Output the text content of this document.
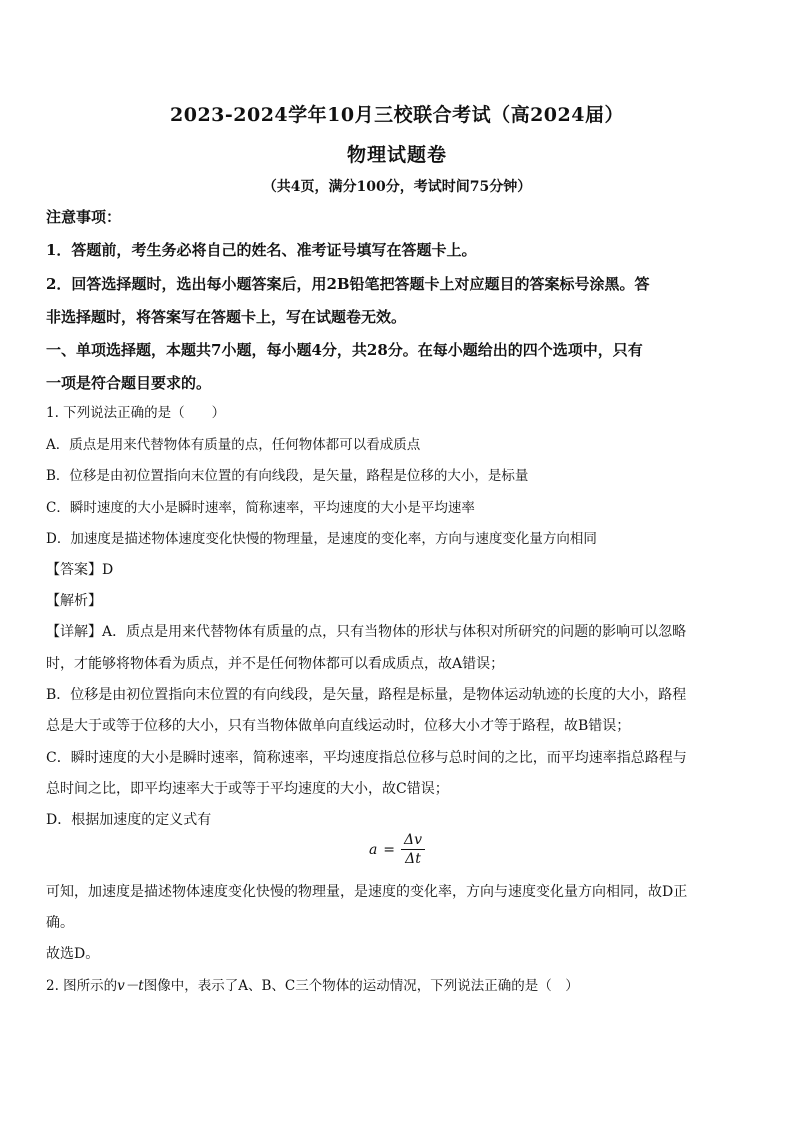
2023-2024学年10月三校联合考试（高2024届）
物理试题卷
（共4页，满分100分，考试时间75分钟）
注意事项：
1．答题前，考生务必将自己的姓名、准考证号填写在答题卡上。
2．回答选择题时，选出每小题答案后，用2B铅笔把答题卡上对应题目的答案标号涂黑。答
非选择题时，将答案写在答题卡上，写在试题卷无效。
一、单项选择题，本题共7小题，每小题4分，共28分。在每小题给出的四个选项中，只有
一项是符合题目要求的。
1. 下列说法正确的是（　　）
A．质点是用来代替物体有质量的点，任何物体都可以看成质点
B．位移是由初位置指向末位置的有向线段，是矢量，路程是位移的大小，是标量
C．瞬时速度的大小是瞬时速率，简称速率，平均速度的大小是平均速率
D．加速度是描述物体速度变化快慢的物理量，是速度的变化率，方向与速度变化量方向相同
【答案】D
【解析】
【详解】A．质点是用来代替物体有质量的点，只有当物体的形状与体积对所研究的问题的影响可以忽略
时，才能够将物体看为质点，并不是任何物体都可以看成质点，故A错误；
B．位移是由初位置指向末位置的有向线段，是矢量，路程是标量，是物体运动轨迹的长度的大小，路程
总是大于或等于位移的大小，只有当物体做单向直线运动时，位移大小才等于路程，故B错误；
C．瞬时速度的大小是瞬时速率，简称速率，平均速度指总位移与总时间的之比，而平均速率指总路程与
总时间之比，即平均速率大于或等于平均速度的大小，故C错误；
D．根据加速度的定义式有
$a = \frac{\Delta v}{\Delta t}$
可知，加速度是描述物体速度变化快慢的物理量，是速度的变化率，方向与速度变化量方向相同，故D正
确。
故选D。
2. 图所示的v－t图像中，表示了A、B、C三个物体的运动情况，下列说法正确的是（　）
